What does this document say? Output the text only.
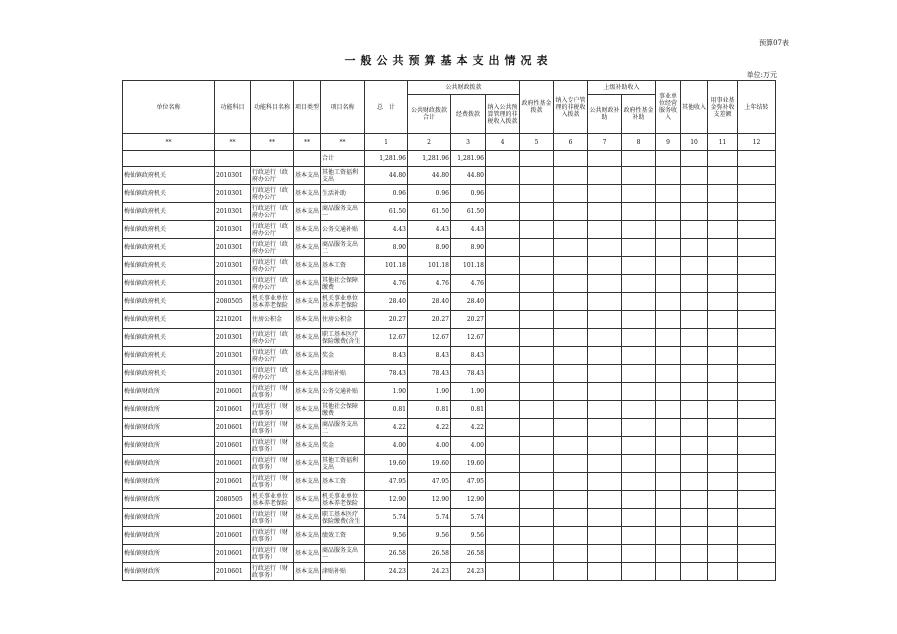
预算07表
一般公共预算基本支出情况表
单位:万元
单位名称	功能科目	功能科目名称	项目类型	项目名称	总　计	公共财政拨款			政府性基金拨款	纳入专户管理的非税收入拨款	上级补助收入		事业单位经营服务收入	其他收入	用事业基金弥补收支差额	上年结转
						公共财政拨款合计	经费拨款	纳入公共预算管理的非税收入拨款			公共财政补助	政府性基金补助				
**	**	**	**	**	1	2	3	4	5	6	7	8	9	10	11	12
				合计	1,281.96	1,281.96	1,281.96									
梅仙镇政府机关	2010301	行政运行（政府办公厅	基本支出	其他工资福利支出	44.80	44.80	44.80									
梅仙镇政府机关	2010301	行政运行（政府办公厅	基本支出	生活补助	0.96	0.96	0.96									
梅仙镇政府机关	2010301	行政运行（政府办公厅	基本支出	商品服务支出一	61.50	61.50	61.50									
梅仙镇政府机关	2010301	行政运行（政府办公厅	基本支出	公务交通补贴	4.43	4.43	4.43									
梅仙镇政府机关	2010301	行政运行（政府办公厅	基本支出	商品服务支出二	8.90	8.90	8.90									
梅仙镇政府机关	2010301	行政运行（政府办公厅	基本支出	基本工资	101.18	101.18	101.18									
梅仙镇政府机关	2010301	行政运行（政府办公厅	基本支出	其他社会保障缴费	4.76	4.76	4.76									
梅仙镇政府机关	2080505	机关事业单位基本养老保险	基本支出	机关事业单位基本养老保险	28.40	28.40	28.40									
梅仙镇政府机关	2210201	住房公积金	基本支出	住房公积金	20.27	20.27	20.27									
梅仙镇政府机关	2010301	行政运行（政府办公厅	基本支出	职工基本医疗保险缴费(含生	12.67	12.67	12.67									
梅仙镇政府机关	2010301	行政运行（政府办公厅	基本支出	奖金	8.43	8.43	8.43									
梅仙镇政府机关	2010301	行政运行（政府办公厅	基本支出	津贴补贴	78.43	78.43	78.43									
梅仙镇财政所	2010601	行政运行（财政事务）	基本支出	公务交通补贴	1.90	1.90	1.90									
梅仙镇财政所	2010601	行政运行（财政事务）	基本支出	其他社会保障缴费	0.81	0.81	0.81									
梅仙镇财政所	2010601	行政运行（财政事务）	基本支出	商品服务支出二	4.22	4.22	4.22									
梅仙镇财政所	2010601	行政运行（财政事务）	基本支出	奖金	4.00	4.00	4.00									
梅仙镇财政所	2010601	行政运行（财政事务）	基本支出	其他工资福利支出	19.60	19.60	19.60									
梅仙镇财政所	2010601	行政运行（财政事务）	基本支出	基本工资	47.95	47.95	47.95									
梅仙镇财政所	2080505	机关事业单位基本养老保险	基本支出	机关事业单位基本养老保险	12.90	12.90	12.90									
梅仙镇财政所	2010601	行政运行（财政事务）	基本支出	职工基本医疗保险缴费(含生	5.74	5.74	5.74									
梅仙镇财政所	2010601	行政运行（财政事务）	基本支出	绩效工资	9.56	9.56	9.56									
梅仙镇财政所	2010601	行政运行（财政事务）	基本支出	商品服务支出一	26.58	26.58	26.58									
梅仙镇财政所	2010601	行政运行（财政事务）	基本支出	津贴补贴	24.23	24.23	24.23									
